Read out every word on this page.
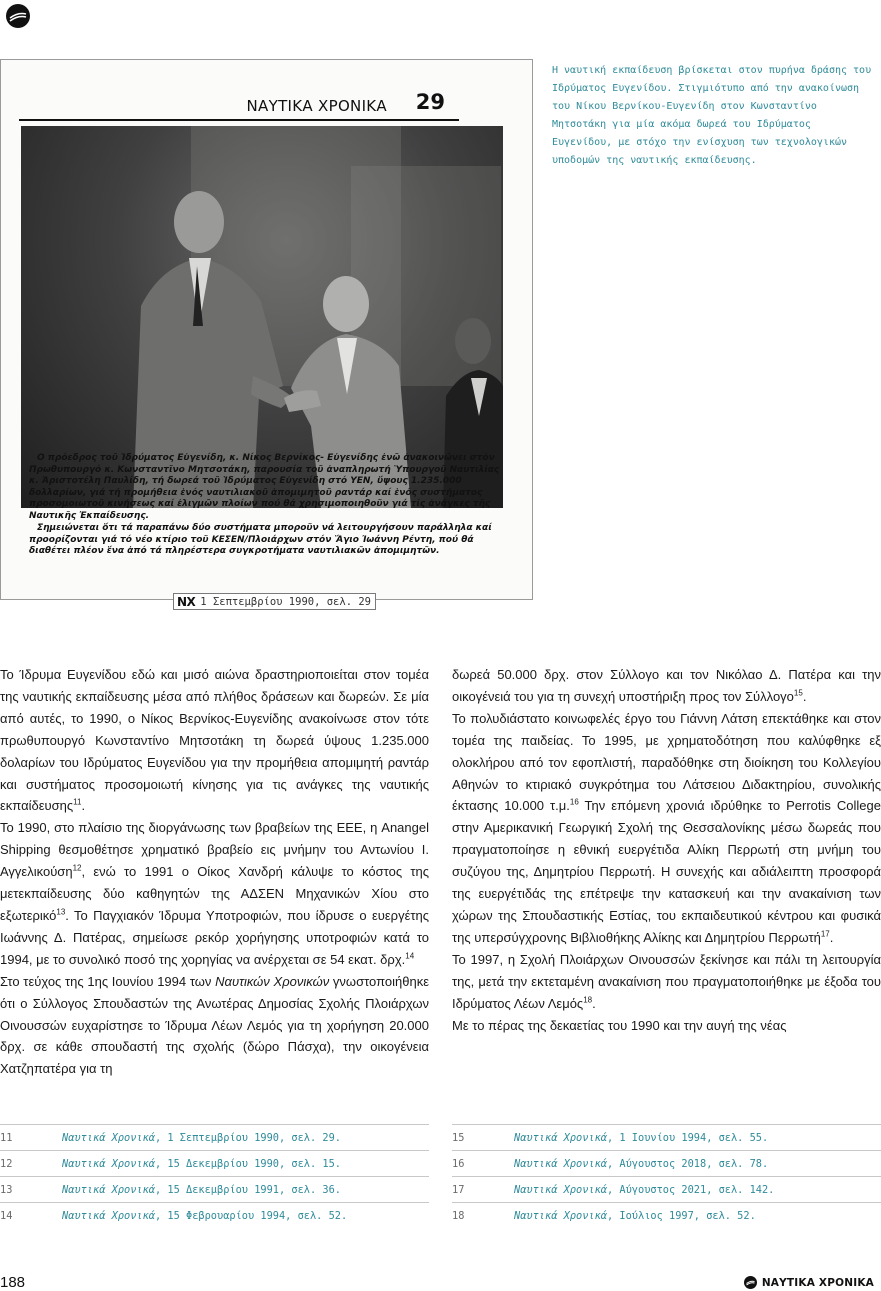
ΝΑΥΤΙΚΑ ΧΡΟΝΙΚΑ 29

Ο πρόεδρος τοῦ Ἱδρύματος Εὐγενίδη, κ. Νίκος Βερνίκος- Εὐγενίδης ἐνῶ ἀνακοινώνει στόν Πρωθυπουργό κ. Κωνσταντῖνο Μητσοτάκη, παρουσία τοῦ ἀναπληρωτή Ὑπουργοῦ Ναυτιλίας κ. Ἀριστοτέλη Παυλίδη, τή δωρεά τοῦ Ἱδρύματος Εὐγενίδη στό ΥΕΝ, ὕψους 1.235.000 δολλαρίων, γιά τή προμήθεια ἑνός ναυτιλιακοῦ ἀπομιμητοῦ ραντάρ καί ἑνός συστήματος προσομοιωτοῦ κινήσεως καί ἐλιγμῶν πλοίων πού θά χρησιμοποιηθοῦν γιά τίς ἀνάγκες τῆς Ναυτικῆς Ἐκπαίδευσης.

Σημειώνεται ὅτι τά παραπάνω δύο συστήματα μποροῦν νά λειτουργήσουν παράλληλα καί προορίζονται γιά τό νέο κτίριο τοῦ ΚΕΣΕΝ/Πλοιάρχων στόν Ἅγιο Ἰωάννη Ρέντη, πού θά διαθέτει πλέον ἕνα ἀπό τά πληρέστερα συγκροτήματα ναυτιλιακῶν ἀπομιμητῶν.

NX 1 Σεπτεμβρίου 1990, σελ. 29
Η ναυτική εκπαίδευση βρίσκεται στον πυρήνα δράσης του Ιδρύματος Ευγενίδου. Στιγμιότυπο από την ανακοίνωση του Νίκου Βερνίκου-Ευγενίδη στον Κωνσταντίνο Μητσοτάκη για μία ακόμα δωρεά του Ιδρύματος Ευγενίδου, με στόχο την ενίσχυση των τεχνολογικών υποδομών της ναυτικής εκπαίδευσης.

Το Ίδρυμα Ευγενίδου εδώ και μισό αιώνα δραστηριοποιείται στον τομέα της ναυτικής εκπαίδευσης μέσα από πλήθος δράσεων και δωρεών. Σε μία από αυτές, το 1990, ο Νίκος Βερνίκος-Ευγενίδης ανακοίνωσε στον τότε πρωθυπουργό Κωνσταντίνο Μητσοτάκη τη δωρεά ύψους 1.235.000 δολαρίων του Ιδρύματος Ευγενίδου για την προμήθεια απομιμητή ραντάρ και συστήματος προσομοιωτή κίνησης για τις ανάγκες της ναυτικής εκπαίδευσης$^{11}$.

Το 1990, στο πλαίσιο της διοργάνωσης των βραβείων της ΕΕΕ, η Anangel Shipping θεσμοθέτησε χρηματικό βραβείο εις μνήμην του Αντωνίου Ι. Αγγελικούση$^{12}$, ενώ το 1991 ο Οίκος Χανδρή κάλυψε το κόστος της μετεκπαίδευσης δύο καθηγητών της ΑΔΣΕΝ Μηχανικών Χίου στο εξωτερικό$^{13}$. Το Παγχιακόν Ίδρυμα Υποτροφιών, που ίδρυσε ο ευεργέτης Ιωάννης Δ. Πατέρας, σημείωσε ρεκόρ χορήγησης υποτροφιών κατά το 1994, με το συνολικό ποσό της χορηγίας να ανέρχεται σε 54 εκατ. δρχ.$^{14}$

Στο τεύχος της 1ης Ιουνίου 1994 των Ναυτικών Χρονικών γνωστοποιήθηκε ότι ο Σύλλογος Σπουδαστών της Ανωτέρας Δημοσίας Σχολής Πλοιάρχων Οινουσσών ευχαρίστησε το Ίδρυμα Λέων Λεμός για τη χορήγηση 20.000 δρχ. σε κάθε σπουδαστή της σχολής (δώρο Πάσχα), την οικογένεια Χατζηπατέρα για τη

δωρεά 50.000 δρχ. στον Σύλλογο και τον Νικόλαο Δ. Πατέρα και την οικογένειά του για τη συνεχή υποστήριξη προς τον Σύλλογο$^{15}$.

Το πολυδιάστατο κοινωφελές έργο του Γιάννη Λάτση επεκτάθηκε και στον τομέα της παιδείας. Το 1995, με χρηματοδότηση που καλύφθηκε εξ ολοκλήρου από τον εφοπλιστή, παραδόθηκε στη διοίκηση του Κολλεγίου Αθηνών το κτιριακό συγκρότημα του Λάτσειου Διδακτηρίου, συνολικής έκτασης 10.000 τ.μ.$^{16}$ Την επόμενη χρονιά ιδρύθηκε το Perrotis College στην Αμερικανική Γεωργική Σχολή της Θεσσαλονίκης μέσω δωρεάς που πραγματοποίησε η εθνική ευεργέτιδα Αλίκη Περρωτή στη μνήμη του συζύγου της, Δημητρίου Περρωτή. Η συνεχής και αδιάλειπτη προσφορά της ευεργέτιδάς της επέτρεψε την κατασκευή και την ανακαίνιση των χώρων της Σπουδαστικής Εστίας, του εκπαιδευτικού κέντρου και φυσικά της υπερσύγχρονης Βιβλιοθήκης Αλίκης και Δημητρίου Περρωτή$^{17}$.

Το 1997, η Σχολή Πλοιάρχων Οινουσσών ξεκίνησε και πάλι τη λειτουργία της, μετά την εκτεταμένη ανακαίνιση που πραγματοποιήθηκε με έξοδα του Ιδρύματος Λέων Λεμός$^{18}$.

Με το πέρας της δεκαετίας του 1990 και την αυγή της νέας

11	Ναυτικά Χρονικά, 1 Σεπτεμβρίου 1990, σελ. 29.
12	Ναυτικά Χρονικά, 15 Δεκεμβρίου 1990, σελ. 15.
13	Ναυτικά Χρονικά, 15 Δεκεμβρίου 1991, σελ. 36.
14	Ναυτικά Χρονικά, 15 Φεβρουαρίου 1994, σελ. 52.
15	Ναυτικά Χρονικά, 1 Ιουνίου 1994, σελ. 55.
16	Ναυτικά Χρονικά, Αύγουστος 2018, σελ. 78.
17	Ναυτικά Χρονικά, Αύγουστος 2021, σελ. 142.
18	Ναυτικά Χρονικά, Ιούλιος 1997, σελ. 52.
188	ΝΑΥΤΙΚΑ ΧΡΟΝΙΚΑ
